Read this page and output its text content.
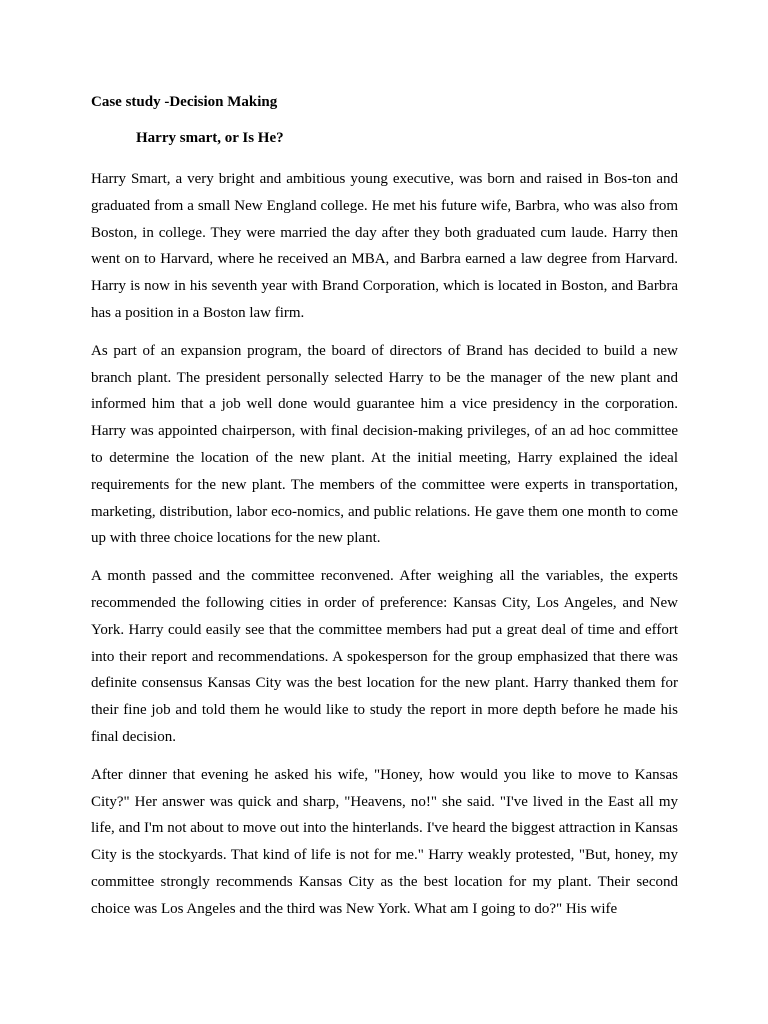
Case study -Decision Making

Harry smart, or Is He?

Harry Smart, a very bright and ambitious young executive, was born and raised in Bos-ton and graduated from a small New England college. He met his future wife, Barbra, who was also from Boston, in college. They were married the day after they both graduated cum laude. Harry then went on to Harvard, where he received an MBA, and Barbra earned a law degree from Harvard. Harry is now in his seventh year with Brand Corporation, which is located in Boston, and Barbra has a position in a Boston law firm.

As part of an expansion program, the board of directors of Brand has decided to build a new branch plant. The president personally selected Harry to be the manager of the new plant and informed him that a job well done would guarantee him a vice presidency in the corporation. Harry was appointed chairperson, with final decision-making privileges, of an ad hoc committee to determine the location of the new plant. At the initial meeting, Harry explained the ideal requirements for the new plant. The members of the committee were experts in transportation, marketing, distribution, labor eco-nomics, and public relations. He gave them one month to come up with three choice locations for the new plant.

A month passed and the committee reconvened. After weighing all the variables, the experts recommended the following cities in order of preference: Kansas City, Los Angeles, and New York. Harry could easily see that the committee members had put a great deal of time and effort into their report and recommendations. A spokesperson for the group emphasized that there was definite consensus Kansas City was the best location for the new plant. Harry thanked them for their fine job and told them he would like to study the report in more depth before he made his final decision.

After dinner that evening he asked his wife, "Honey, how would you like to move to Kansas City?" Her answer was quick and sharp, "Heavens, no!" she said. "I've lived in the East all my life, and I'm not about to move out into the hinterlands. I've heard the biggest attraction in Kansas City is the stockyards. That kind of life is not for me." Harry weakly protested, "But, honey, my committee strongly recommends Kansas City as the best location for my plant. Their second choice was Los Angeles and the third was New York. What am I going to do?" His wife
